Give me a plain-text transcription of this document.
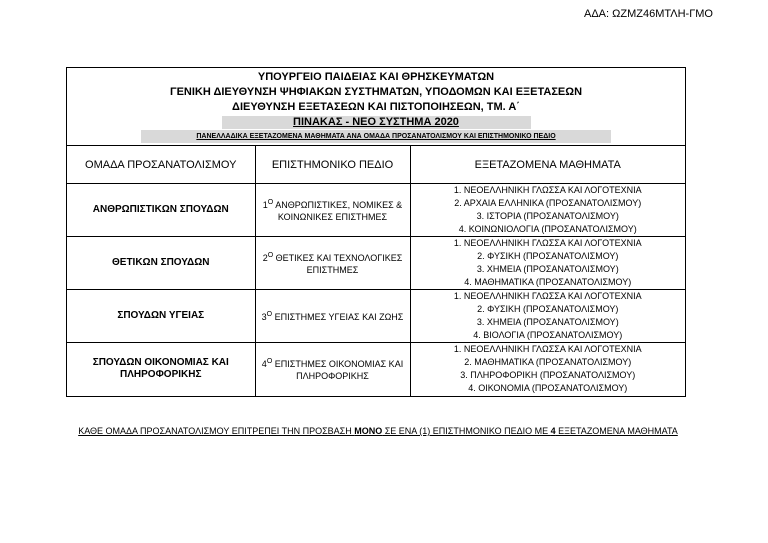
ΑΔΑ: ΩΖΜΖ46ΜΤΛΗ-ΓΜΟ
ΥΠΟΥΡΓΕΙΟ ΠΑΙΔΕΙΑΣ ΚΑΙ ΘΡΗΣΚΕΥΜΑΤΩΝ
ΓΕΝΙΚΗ ΔΙΕΥΘΥΝΣΗ ΨΗΦΙΑΚΩΝ ΣΥΣΤΗΜΑΤΩΝ, ΥΠΟΔΟΜΩΝ ΚΑΙ ΕΞΕΤΑΣΕΩΝ
ΔΙΕΥΘΥΝΣΗ ΕΞΕΤΑΣΕΩΝ ΚΑΙ ΠΙΣΤΟΠΟΙΗΣΕΩΝ, ΤΜ. Α΄
ΠΙΝΑΚΑΣ - ΝΕΟ ΣΥΣΤΗΜΑ 2020
ΠΑΝΕΛΛΑΔΙΚΑ ΕΞΕΤΑΖΟΜΕΝΑ ΜΑΘΗΜΑΤΑ ΑΝΑ ΟΜΑΔΑ ΠΡΟΣΑΝΑΤΟΛΙΣΜΟΥ ΚΑΙ ΕΠΙΣΤΗΜΟΝΙΚΟ ΠΕΔΙΟ
ΟΜΑΔΑ ΠΡΟΣΑΝΑΤΟΛΙΣΜΟΥ	ΕΠΙΣΤΗΜΟΝΙΚΟ ΠΕΔΙΟ	ΕΞΕΤΑΖΟΜΕΝΑ ΜΑΘΗΜΑΤΑ
ΑΝΘΡΩΠΙΣΤΙΚΩΝ ΣΠΟΥΔΩΝ	$1^O$ ΑΝΘΡΩΠΙΣΤΙΚΕΣ, ΝΟΜΙΚΕΣ & ΚΟΙΝΩΝΙΚΕΣ ΕΠΙΣΤΗΜΕΣ	1. ΝΕΟΕΛΛΗΝΙΚΗ ΓΛΩΣΣΑ ΚΑΙ ΛΟΓΟΤΕΧΝΙΑ
2. ΑΡΧΑΙΑ ΕΛΛΗΝΙΚΑ (ΠΡΟΣΑΝΑΤΟΛΙΣΜΟΥ)
3. ΙΣΤΟΡΙΑ (ΠΡΟΣΑΝΑΤΟΛΙΣΜΟΥ)
4. ΚΟΙΝΩΝΙΟΛΟΓΙΑ (ΠΡΟΣΑΝΑΤΟΛΙΣΜΟΥ)

ΘΕΤΙΚΩΝ ΣΠΟΥΔΩΝ	$2^O$ ΘΕΤΙΚΕΣ ΚΑΙ ΤΕΧΝΟΛΟΓΙΚΕΣ ΕΠΙΣΤΗΜΕΣ	1. ΝΕΟΕΛΛΗΝΙΚΗ ΓΛΩΣΣΑ ΚΑΙ ΛΟΓΟΤΕΧΝΙΑ
2. ΦΥΣΙΚΗ (ΠΡΟΣΑΝΑΤΟΛΙΣΜΟΥ)
3. ΧΗΜΕΙΑ (ΠΡΟΣΑΝΑΤΟΛΙΣΜΟΥ)
4. ΜΑΘΗΜΑΤΙΚΑ (ΠΡΟΣΑΝΑΤΟΛΙΣΜΟΥ)

ΣΠΟΥΔΩΝ ΥΓΕΙΑΣ	$3^O$ ΕΠΙΣΤΗΜΕΣ ΥΓΕΙΑΣ ΚΑΙ ΖΩΗΣ	1. ΝΕΟΕΛΛΗΝΙΚΗ ΓΛΩΣΣΑ ΚΑΙ ΛΟΓΟΤΕΧΝΙΑ
2. ΦΥΣΙΚΗ (ΠΡΟΣΑΝΑΤΟΛΙΣΜΟΥ)
3. ΧΗΜΕΙΑ (ΠΡΟΣΑΝΑΤΟΛΙΣΜΟΥ)
4. ΒΙΟΛΟΓΙΑ (ΠΡΟΣΑΝΑΤΟΛΙΣΜΟΥ)

ΣΠΟΥΔΩΝ ΟΙΚΟΝΟΜΙΑΣ ΚΑΙ ΠΛΗΡΟΦΟΡΙΚΗΣ	$4^O$ ΕΠΙΣΤΗΜΕΣ ΟΙΚΟΝΟΜΙΑΣ ΚΑΙ ΠΛΗΡΟΦΟΡΙΚΗΣ	1. ΝΕΟΕΛΛΗΝΙΚΗ ΓΛΩΣΣΑ ΚΑΙ ΛΟΓΟΤΕΧΝΙΑ
2. ΜΑΘΗΜΑΤΙΚΑ (ΠΡΟΣΑΝΑΤΟΛΙΣΜΟΥ)
3. ΠΛΗΡΟΦΟΡΙΚΗ (ΠΡΟΣΑΝΑΤΟΛΙΣΜΟΥ)
4. ΟΙΚΟΝΟΜΙΑ (ΠΡΟΣΑΝΑΤΟΛΙΣΜΟΥ)
ΚΑΘΕ ΟΜΑΔΑ ΠΡΟΣΑΝΑΤΟΛΙΣΜΟΥ ΕΠΙΤΡΕΠΕΙ ΤΗΝ ΠΡΟΣΒΑΣΗ ΜΟΝΟ ΣΕ ΕΝΑ (1) ΕΠΙΣΤΗΜΟΝΙΚΟ ΠΕΔΙΟ ΜΕ 4 ΕΞΕΤΑΖΟΜΕΝΑ ΜΑΘΗΜΑΤΑ
